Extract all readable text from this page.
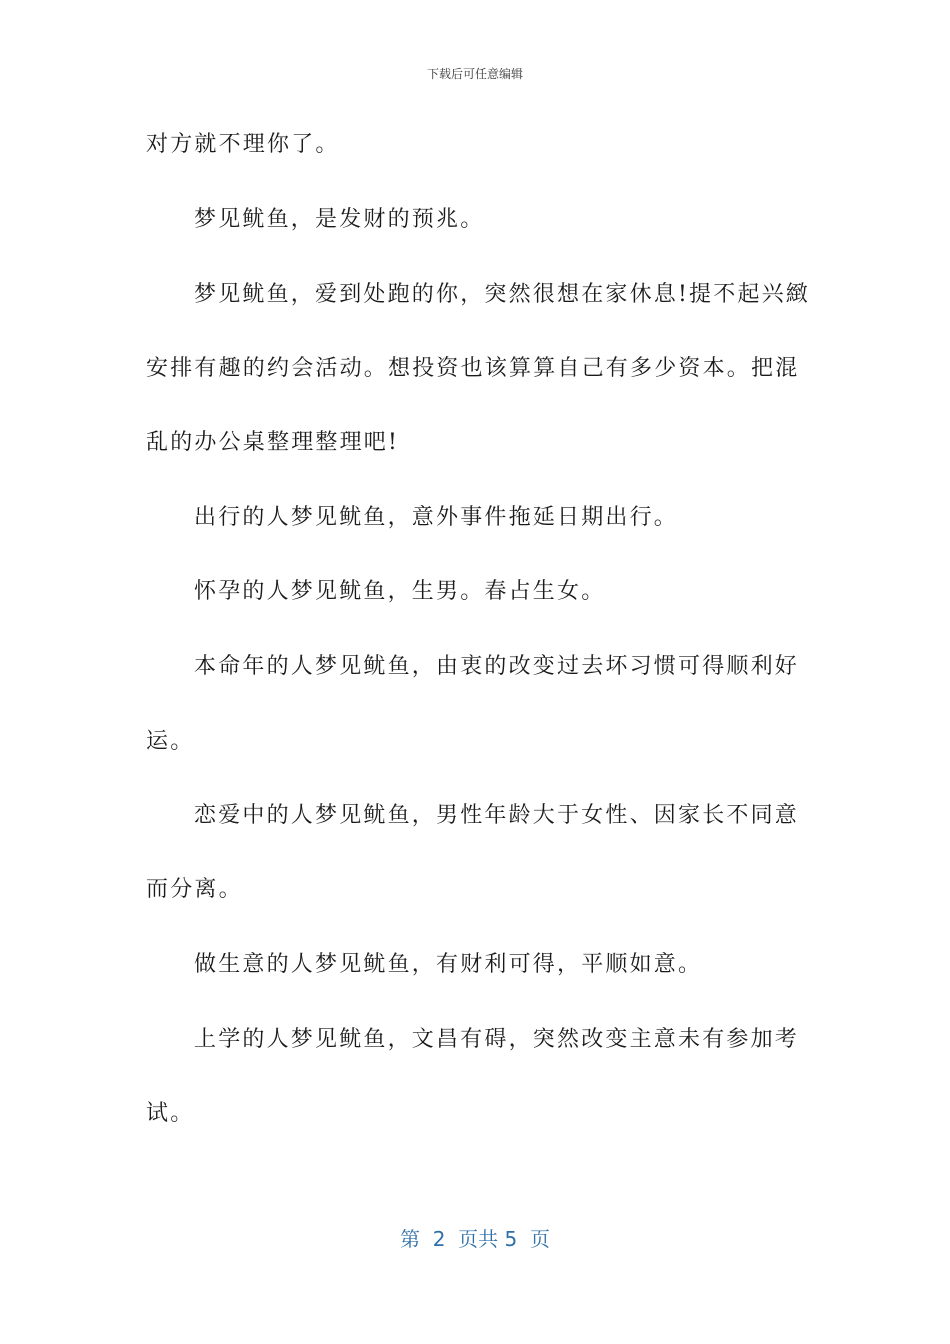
下载后可任意编辑
对方就不理你了。
梦见鱿鱼，是发财的预兆。
梦见鱿鱼，爱到处跑的你，突然很想在家休息!提不起兴緻
安排有趣的约会活动。想投资也该算算自己有多少资本。把混
乱的办公桌整理整理吧!
出行的人梦见鱿鱼，意外事件拖延日期出行。
怀孕的人梦见鱿鱼，生男。春占生女。
本命年的人梦见鱿鱼，由衷的改变过去坏习惯可得顺利好
运。
恋爱中的人梦见鱿鱼，男性年龄大于女性、因家长不同意
而分离。
做生意的人梦见鱿鱼，有财利可得，平顺如意。
上学的人梦见鱿鱼，文昌有碍，突然改变主意未有参加考
试。
第  2  页共 5  页
